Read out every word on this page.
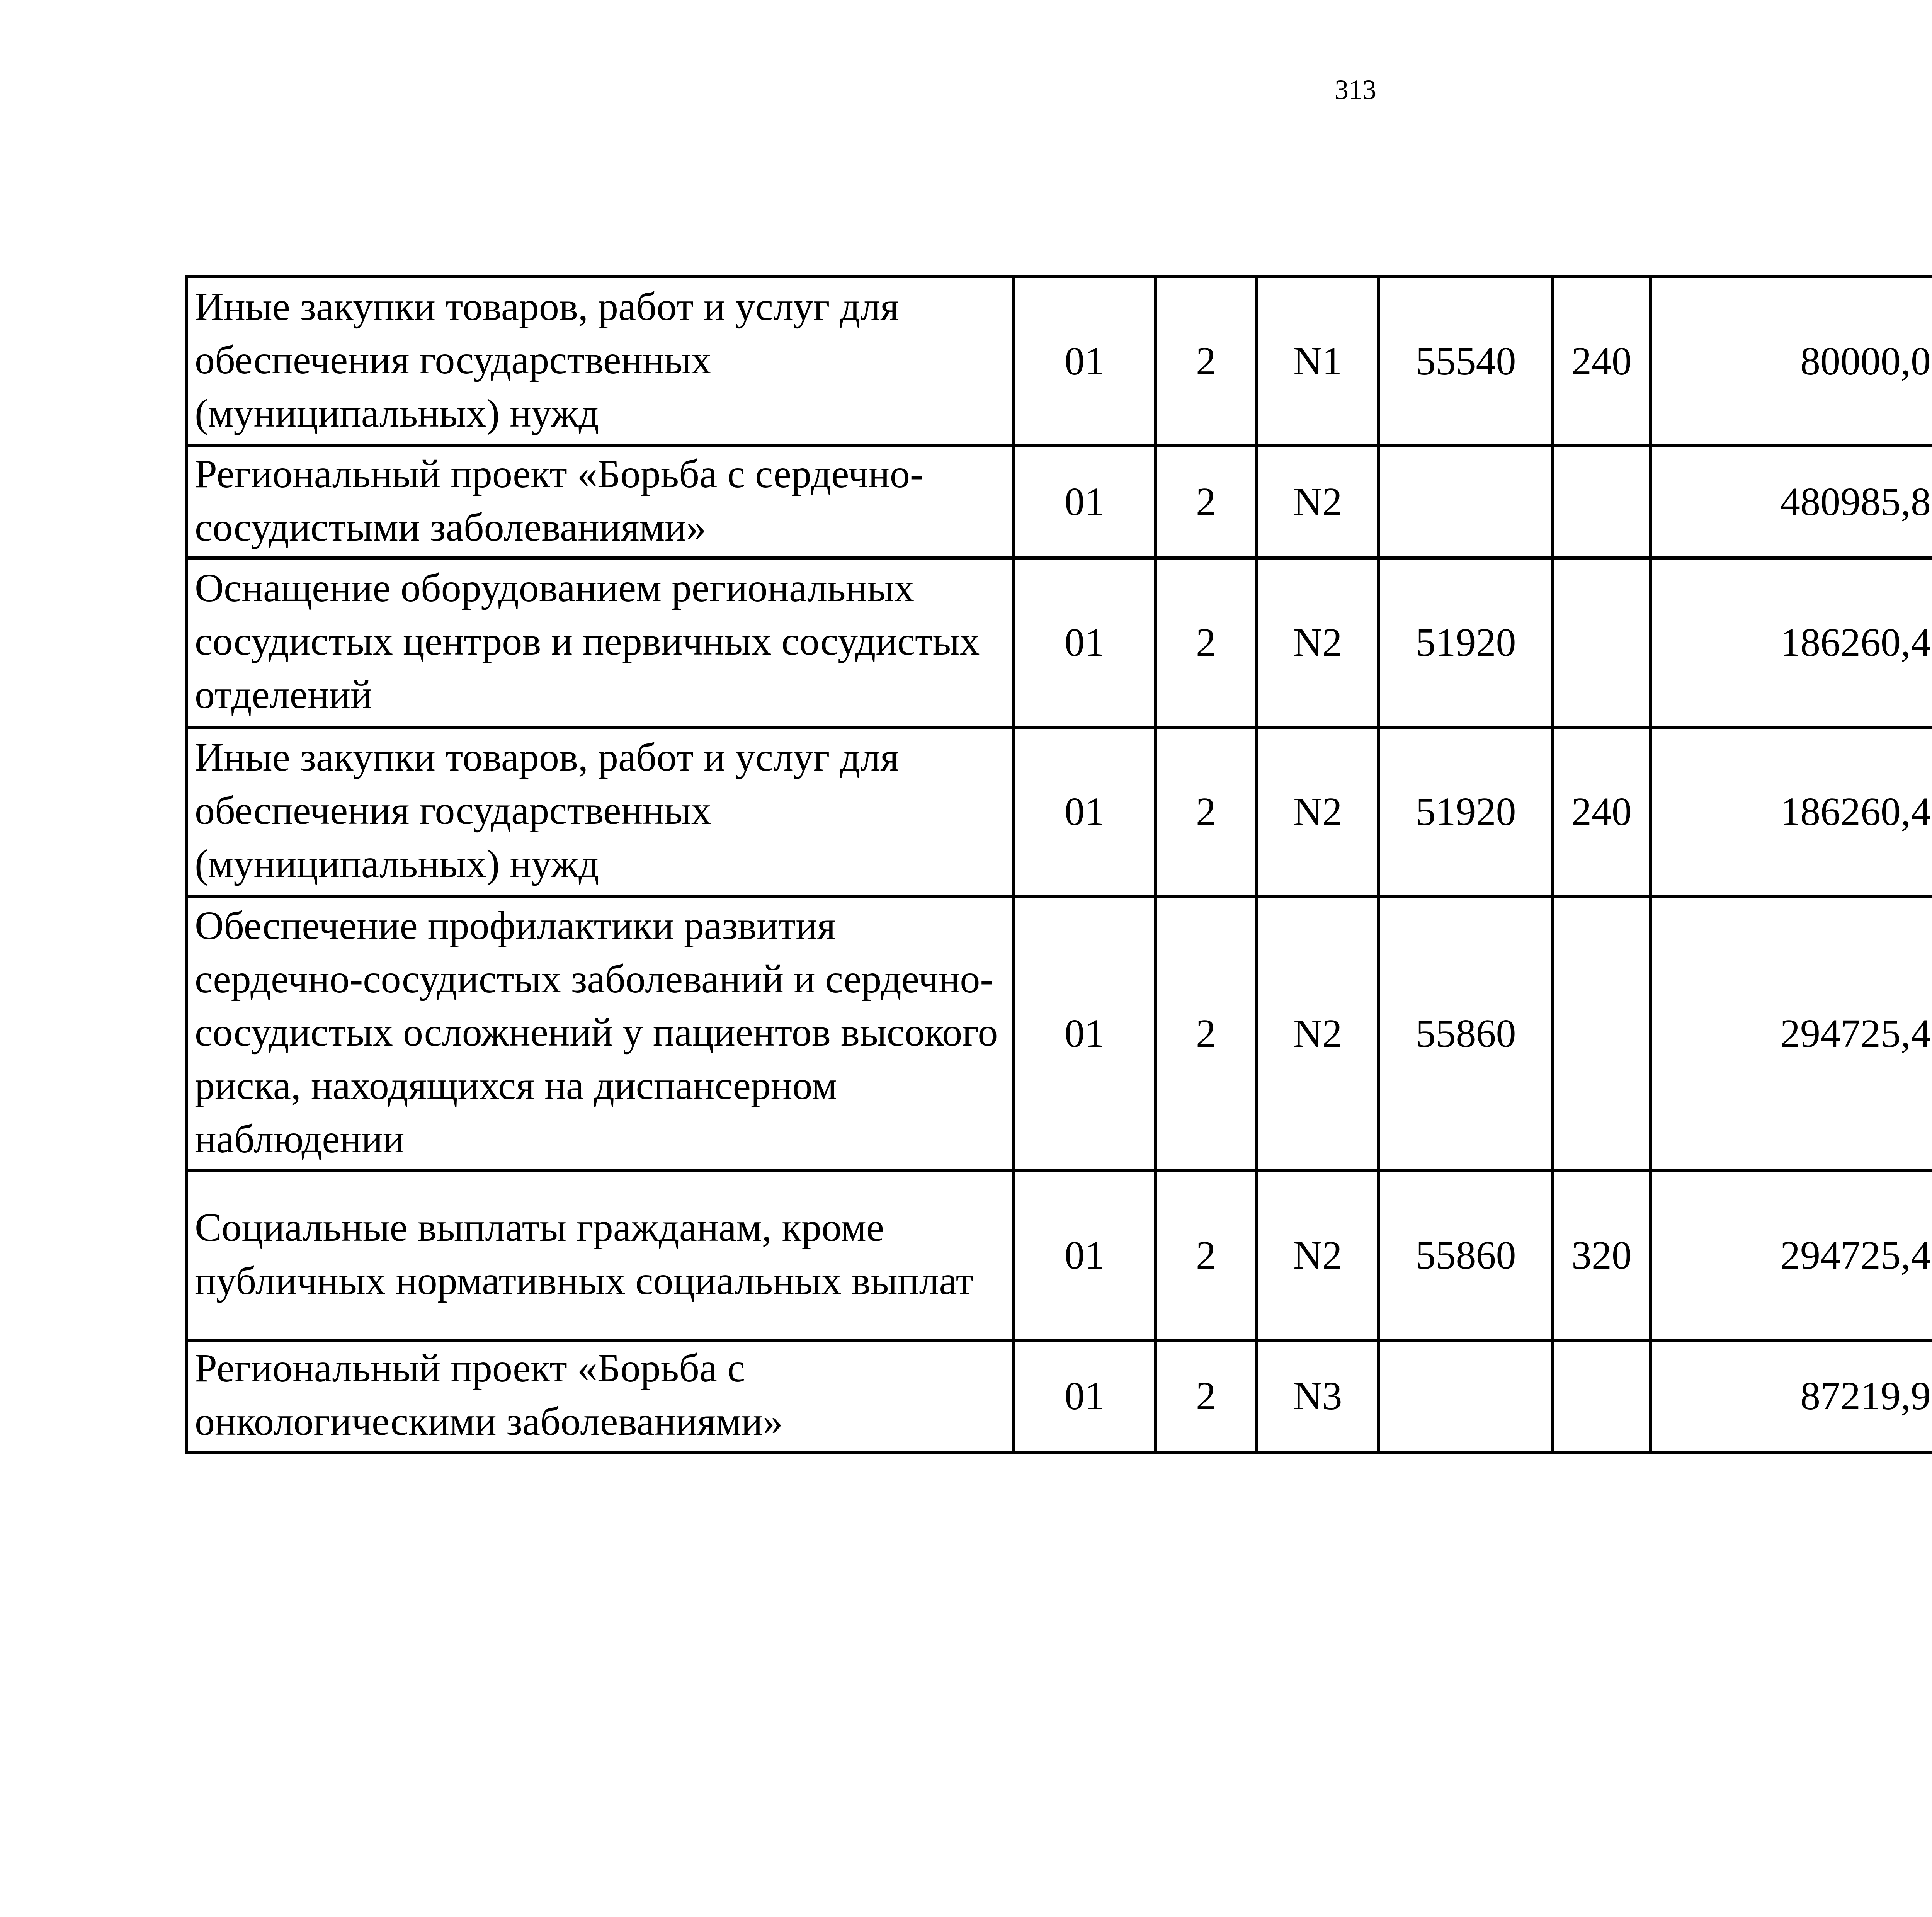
313
Иные закупки товаров, работ и услуг для обеспечения государственных (муниципальных) нужд	01	2	N1	55540	240	80000,0		
Региональный проект «Борьба с сердечно-сосудистыми заболеваниями»	01	2	N2			480985,8		
Оснащение оборудованием региональных сосудистых центров и первичных сосудистых отделений	01	2	N2	51920		186260,4		
Иные закупки товаров, работ и услуг для обеспечения государственных (муниципальных) нужд	01	2	N2	51920	240	186260,4		
Обеспечение профилактики развития сердечно-сосудистых заболеваний и сердечно-сосудистых осложнений у пациентов высокого риска, находящихся на диспансерном наблюдении	01	2	N2	55860		294725,4		
Социальные выплаты гражданам, кроме публичных нормативных социальных выплат	01	2	N2	55860	320	294725,4		
Региональный проект «Борьба с онкологическими заболеваниями»	01	2	N3			87219,9		
